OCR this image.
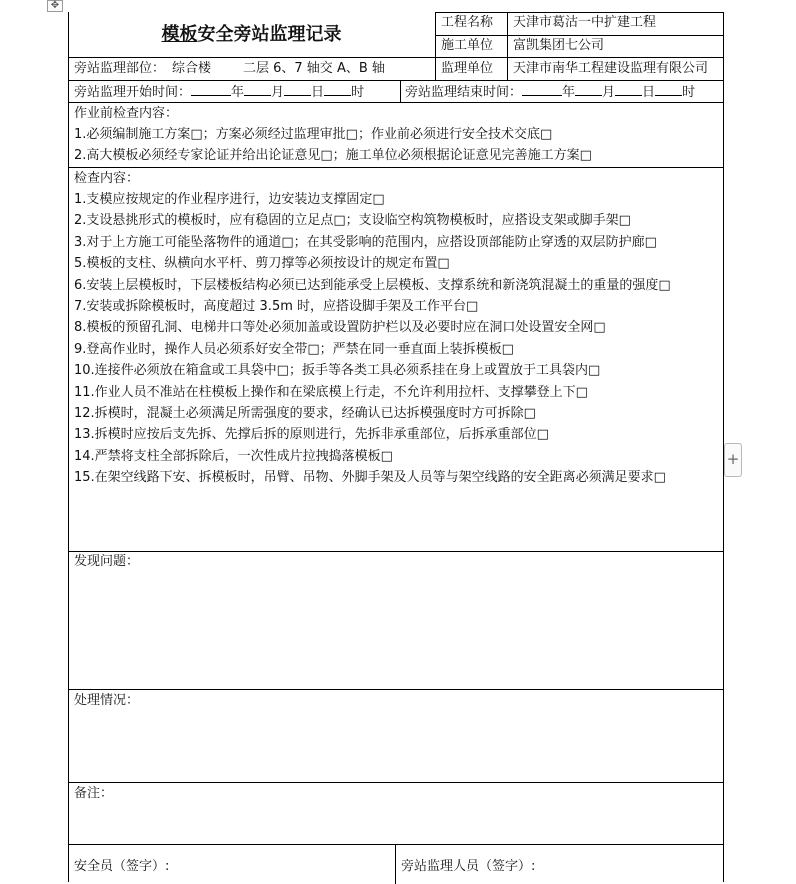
✥
+
模板安全旁站监理记录
工程名称 天津市葛沽一中扩建工程
施工单位 富凯集团七公司
旁站监理部位： 综合楼 二层 6、7 轴交 A、B 轴	监理单位 天津市南华工程建设监理有限公司
旁站监理开始时间：	年 月 日 时	旁站监理结束时间：	年 月 日 时
作业前检查内容：
1.必须编制施工方案□；方案必须经过监理审批□；作业前必须进行安全技术交底□
2.高大模板必须经专家论证并给出论证意见□；施工单位必须根据论证意见完善施工方案□
检查内容：
1.支模应按规定的作业程序进行，边安装边支撑固定□
2.支设悬挑形式的模板时，应有稳固的立足点□；支设临空构筑物模板时，应搭设支架或脚手架□
3.对于上方施工可能坠落物件的通道□；在其受影响的范围内，应搭设顶部能防止穿透的双层防护廊□
5.模板的支柱、纵横向水平杆、剪刀撑等必须按设计的规定布置□
6.安装上层模板时，下层楼板结构必须已达到能承受上层模板、支撑系统和新浇筑混凝土的重量的强度□
7.安装或拆除模板时，高度超过 3.5m 时，应搭设脚手架及工作平台□
8.模板的预留孔洞、电梯井口等处必须加盖或设置防护栏以及必要时应在洞口处设置安全网□
9.登高作业时，操作人员必须系好安全带□；严禁在同一垂直面上装拆模板□
10.连接件必须放在箱盒或工具袋中□；扳手等各类工具必须系挂在身上或置放于工具袋内□
11.作业人员不准站在柱模板上操作和在梁底模上行走，不允许利用拉杆、支撑攀登上下□
12.拆模时，混凝土必须满足所需强度的要求，经确认已达拆模强度时方可拆除□
13.拆模时应按后支先拆、先撑后拆的原则进行，先拆非承重部位，后拆承重部位□
14.严禁将支柱全部拆除后，一次性成片拉拽捣落模板□
15.在架空线路下安、拆模板时，吊臂、吊物、外脚手架及人员等与架空线路的安全距离必须满足要求□
发现问题：
处理情况：
备注：
安全员（签字）:	旁站监理人员（签字）:
